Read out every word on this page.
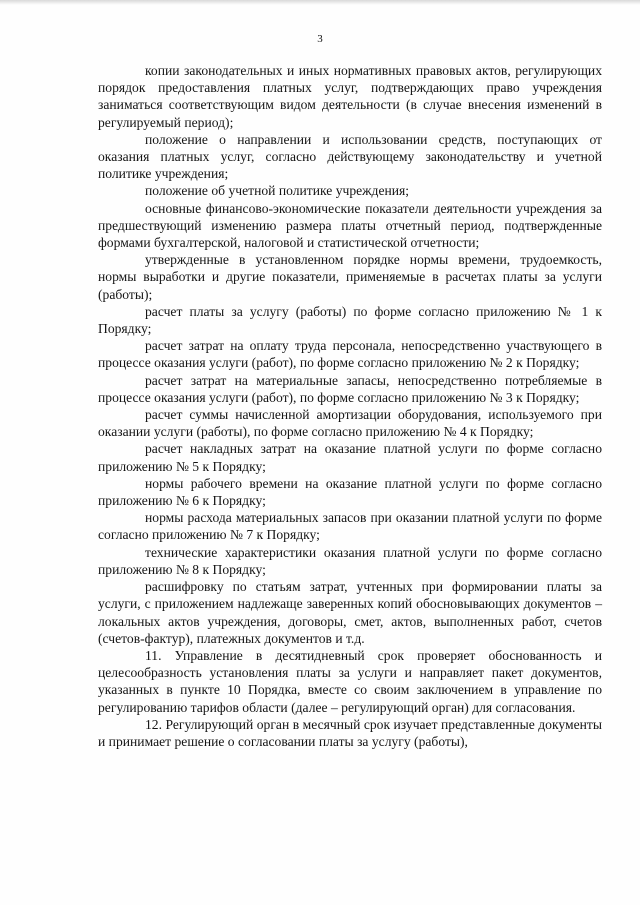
3

копии законодательных и иных нормативных правовых актов, регулирующих порядок предоставления платных услуг, подтверждающих право учреждения заниматься соответствующим видом деятельности (в случае внесения изменений в регулируемый период);

положение о направлении и использовании средств, поступающих от оказания платных услуг, согласно действующему законодательству и учетной политике учреждения;

положение об учетной политике учреждения;

основные финансово-экономические показатели деятельности учреждения за предшествующий изменению размера платы отчетный период, подтвержденные формами бухгалтерской, налоговой и статистической отчетности;

утвержденные в установленном порядке нормы времени, трудоемкость, нормы выработки и другие показатели, применяемые в расчетах платы за услуги (работы);

расчет платы за услугу (работы) по форме согласно приложению № 1 к Порядку;

расчет затрат на оплату труда персонала, непосредственно участвующего в процессе оказания услуги (работ), по форме согласно приложению № 2 к Порядку;

расчет затрат на материальные запасы, непосредственно потребляемые в процессе оказания услуги (работ), по форме согласно приложению № 3 к Порядку;

расчет суммы начисленной амортизации оборудования, используемого при оказании услуги (работы), по форме согласно приложению № 4 к Порядку;

расчет накладных затрат на оказание платной услуги по форме согласно приложению № 5 к Порядку;

нормы рабочего времени на оказание платной услуги по форме согласно приложению № 6 к Порядку;

нормы расхода материальных запасов при оказании платной услуги по форме согласно приложению № 7 к Порядку;

технические характеристики оказания платной услуги по форме согласно приложению № 8 к Порядку;

расшифровку по статьям затрат, учтенных при формировании платы за услуги, с приложением надлежаще заверенных копий обосновывающих документов – локальных актов учреждения, договоры, смет, актов, выполненных работ, счетов (счетов-фактур), платежных документов и т.д.

11. Управление в десятидневный срок проверяет обоснованность и целесообразность установления платы за услуги и направляет пакет документов, указанных в пункте 10 Порядка, вместе со своим заключением в управление по регулированию тарифов области (далее – регулирующий орган) для согласования.

12. Регулирующий орган в месячный срок изучает представленные документы и принимает решение о согласовании платы за услугу (работы),
